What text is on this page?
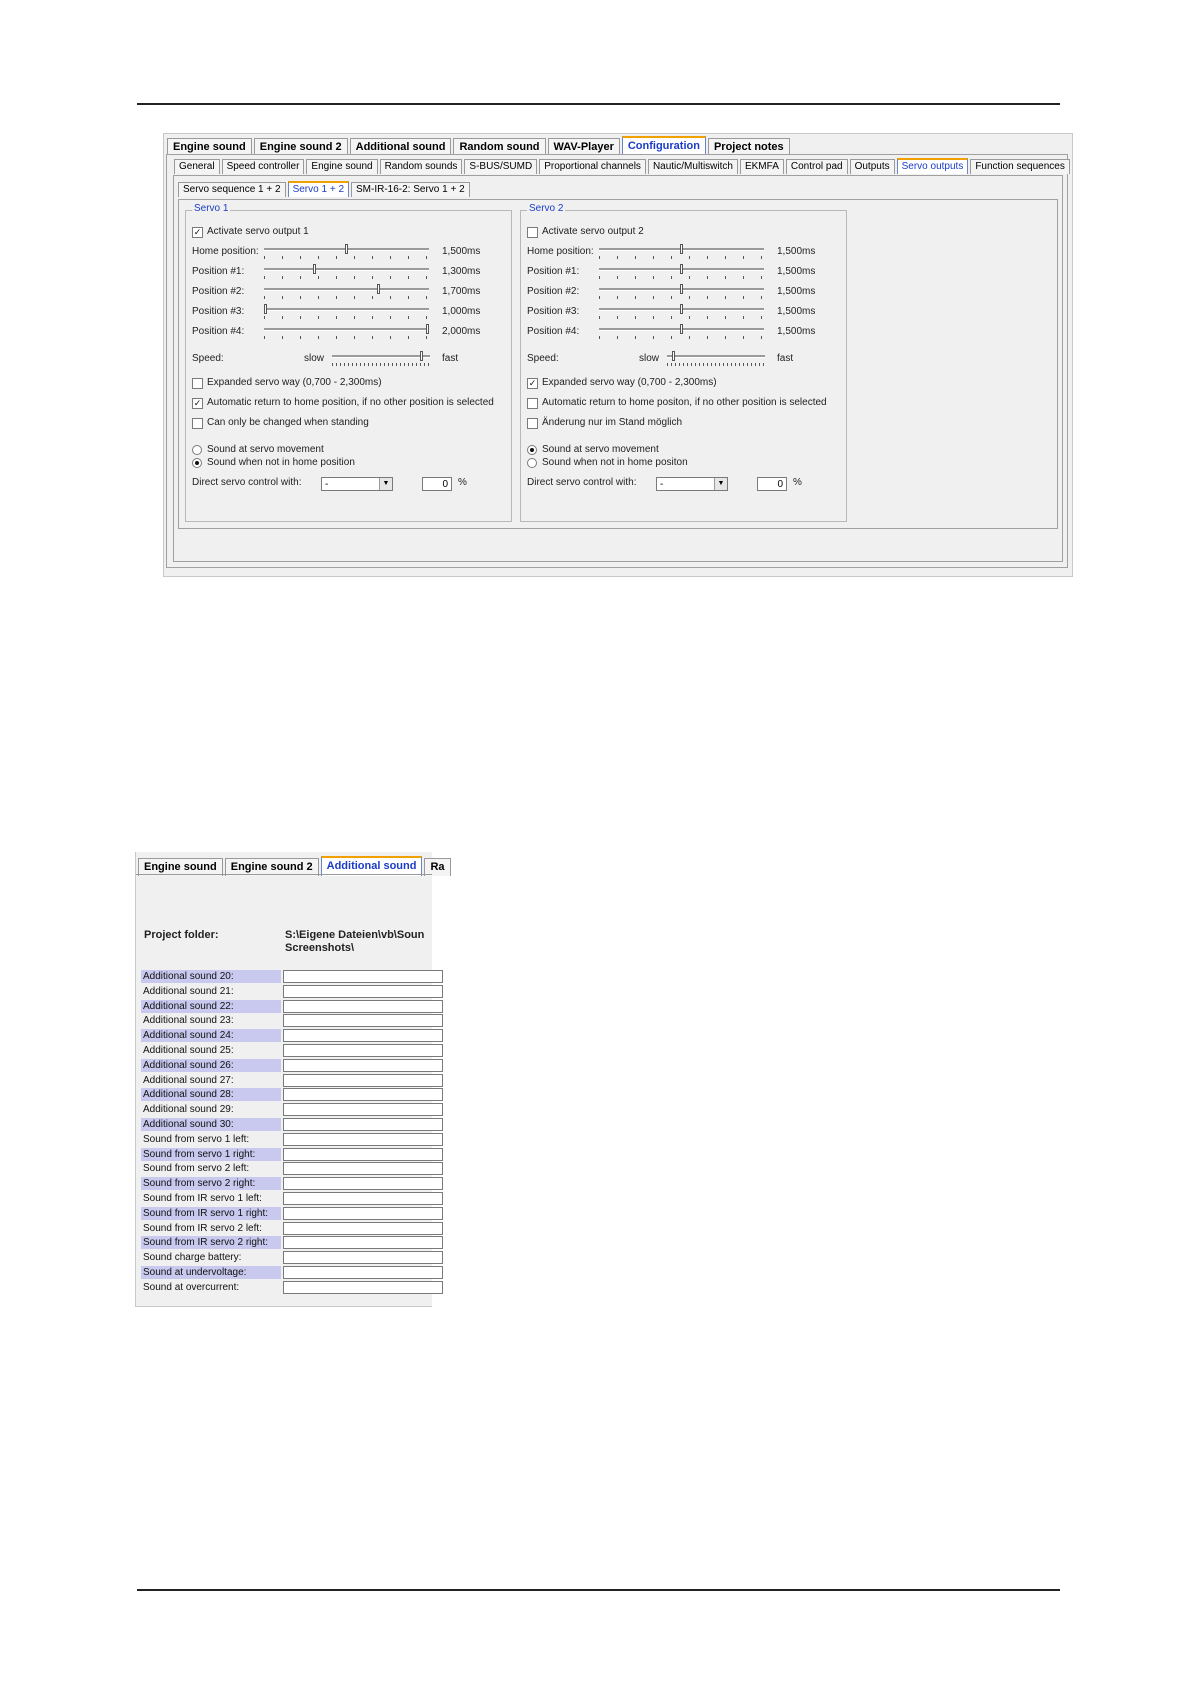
Engine sound	Engine sound 2	Additional sound	Random sound	WAV-Player	Configuration	Project notes
General	Speed controller	Engine sound	Random sounds	S-BUS/SUMD	Proportional channels	Nautic/Multiswitch	EKMFA	Control pad	Outputs	Servo outputs	Function sequences
Servo sequence 1 + 2	Servo 1 + 2	SM-IR-16-2: Servo 1 + 2
Servo 1
✓ Activate servo output 1
Home position:	1,500ms
Position #1:	1,300ms
Position #2:	1,700ms
Position #3:	1,000ms
Position #4:	2,000ms
Speed:	slow	fast
Expanded servo way (0,700 - 2,300ms)
✓ Automatic return to home position, if no other position is selected
Can only be changed when standing
Sound at servo movement
Sound when not in home position
Direct servo control with:	-	▼	0	%
Servo 2
Activate servo output 2
Home position:	1,500ms
Position #1:	1,500ms
Position #2:	1,500ms
Position #3:	1,500ms
Position #4:	1,500ms
Speed:	slow	fast
✓ Expanded servo way (0,700 - 2,300ms)
Automatic return to home positon, if no other position is selected
Änderung nur im Stand möglich
Sound at servo movement
Sound when not in home positon
Direct servo control with:	-	▼	0	%
Engine sound	Engine sound 2	Additional sound	Ra
Project folder:	S:\Eigene Dateien\vb\Soun Screenshots\
Additional sound 20:
Additional sound 21:
Additional sound 22:
Additional sound 23:
Additional sound 24:
Additional sound 25:
Additional sound 26:
Additional sound 27:
Additional sound 28:
Additional sound 29:
Additional sound 30:
Sound from servo 1 left:
Sound from servo 1 right:
Sound from servo 2 left:
Sound from servo 2 right:
Sound from IR servo 1 left:
Sound from IR servo 1 right:
Sound from IR servo 2 left:
Sound from IR servo 2 right:
Sound charge battery:
Sound at undervoltage:
Sound at overcurrent:
